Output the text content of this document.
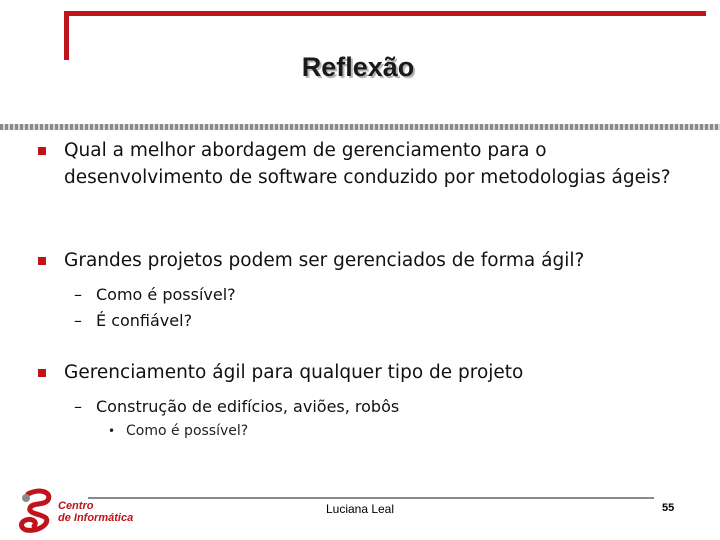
Reflexão
Qual a melhor abordagem de gerenciamento para o desenvolvimento de software conduzido por metodologias ágeis?
Grandes projetos podem ser gerenciados de forma ágil?
– Como é possível?
– É confiável?
Gerenciamento ágil para qualquer tipo de projeto
– Construção de edifícios, aviões, robôs
• Como é possível?
Centro
de Informática
Luciana Leal	55
